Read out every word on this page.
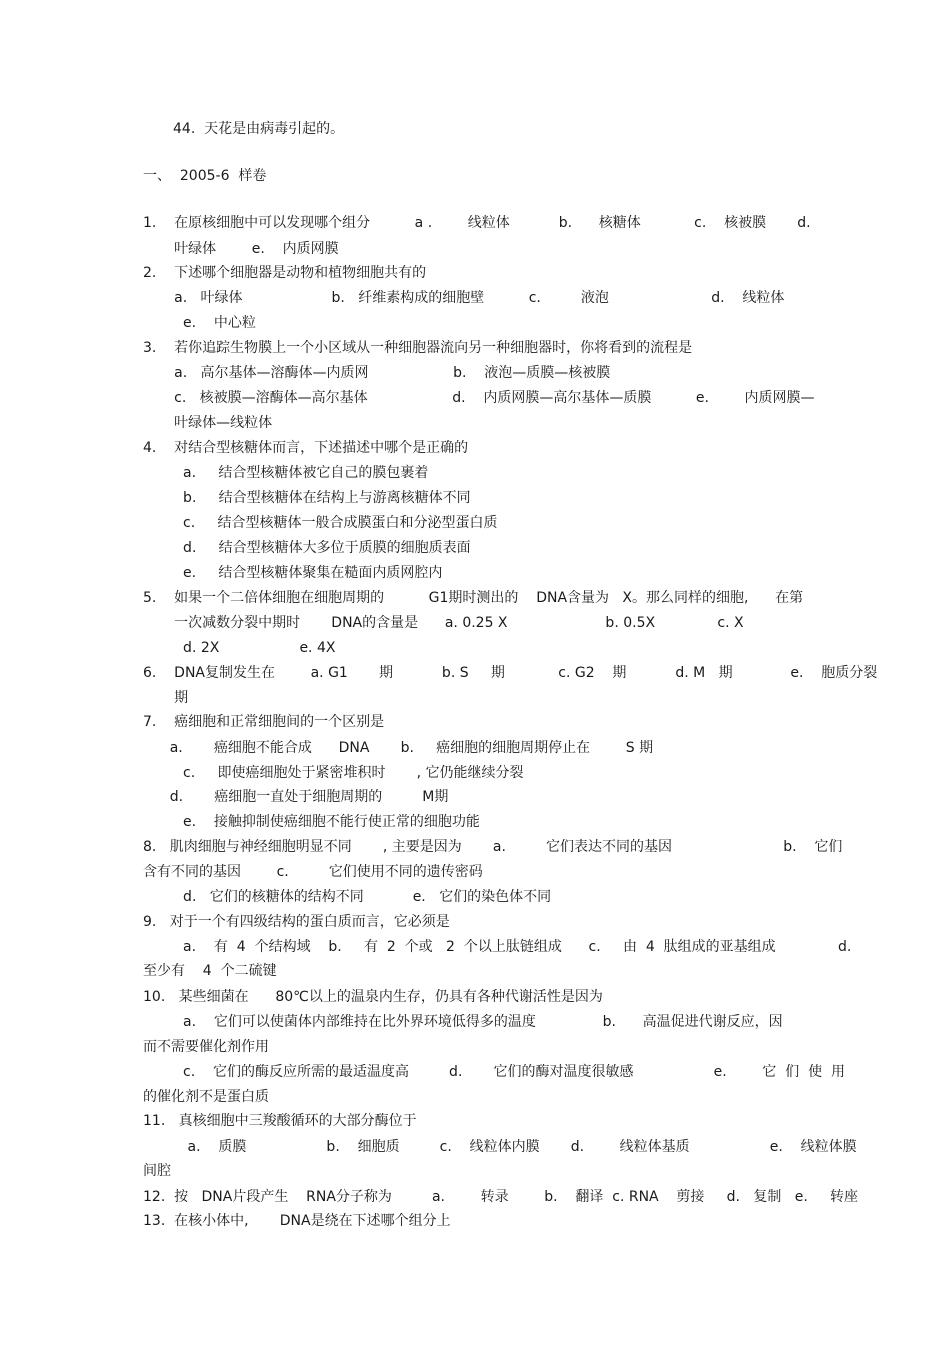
44.  天花是由病毒引起的。
一、  2005-6  样卷
1.    在原核细胞中可以发现哪个组分          a .        线粒体           b.      核糖体            c.    核被膜       d.
叶绿体        e.    内质网膜
2.    下述哪个细胞器是动物和植物细胞共有的
a.   叶绿体                    b.   纤维素构成的细胞壁          c.         液泡                       d.    线粒体
e.    中心粒
3.    若你追踪生物膜上一个小区域从一种细胞器流向另一种细胞器时，你将看到的流程是
a.   高尔基体—溶酶体—内质网                   b.    液泡—质膜—核被膜
c.   核被膜—溶酶体—高尔基体                   d.    内质网膜—高尔基体—质膜          e.        内质网膜—
叶绿体—线粒体
4.    对结合型核糖体而言，下述描述中哪个是正确的
a.     结合型核糖体被它自己的膜包裹着
b.     结合型核糖体在结构上与游离核糖体不同
c.     结合型核糖体一般合成膜蛋白和分泌型蛋白质
d.     结合型核糖体大多位于质膜的细胞质表面
e.     结合型核糖体聚集在糙面内质网腔内
5.    如果一个二倍体细胞在细胞周期的          G1期时测出的    DNA含量为   X。那么同样的细胞,      在第
一次减数分裂中期时       DNA的含量是      a. 0.25 X                      b. 0.5X              c. X
d. 2X                  e. 4X
6.    DNA复制发生在        a. G1       期           b. S     期            c. G2    期           d. M   期             e.    胞质分裂
期
7.    癌细胞和正常细胞间的一个区别是
a.       癌细胞不能合成      DNA       b.     癌细胞的细胞周期停止在        S 期
c.     即使癌细胞处于紧密堆积时       , 它仍能继续分裂
d.       癌细胞一直处于细胞周期的         M期
e.    接触抑制使癌细胞不能行使正常的细胞功能
8.   肌肉细胞与神经细胞明显不同       , 主要是因为       a.         它们表达不同的基因                         b.    它们
含有不同的基因        c.         它们使用不同的遗传密码
d.   它们的核糖体的结构不同           e.   它们的染色体不同
9.   对于一个有四级结构的蛋白质而言，它必须是
a.    有  4  个结构域    b.     有  2  个或   2  个以上肽链组成      c.     由  4  肽组成的亚基组成              d.
至少有    4  个二硫键
10.   某些细菌在      80℃以上的温泉内生存，仍具有各种代谢活性是因为
a.    它们可以使菌体内部维持在比外界环境低得多的温度               b.      高温促进代谢反应，因
而不需要催化剂作用
c.    它们的酶反应所需的最适温度高         d.       它们的酶对温度很敏感                  e.        它  们  使  用
的催化剂不是蛋白质
11.   真核细胞中三羧酸循环的大部分酶位于
a.    质膜                  b.    细胞质         c.    线粒体内膜       d.        线粒体基质                  e.    线粒体膜
间腔
12.  按   DNA片段产生    RNA分子称为         a.        转录        b.    翻译  c. RNA    剪接     d.   复制   e.     转座
13.  在核小体中,       DNA是绕在下述哪个组分上
